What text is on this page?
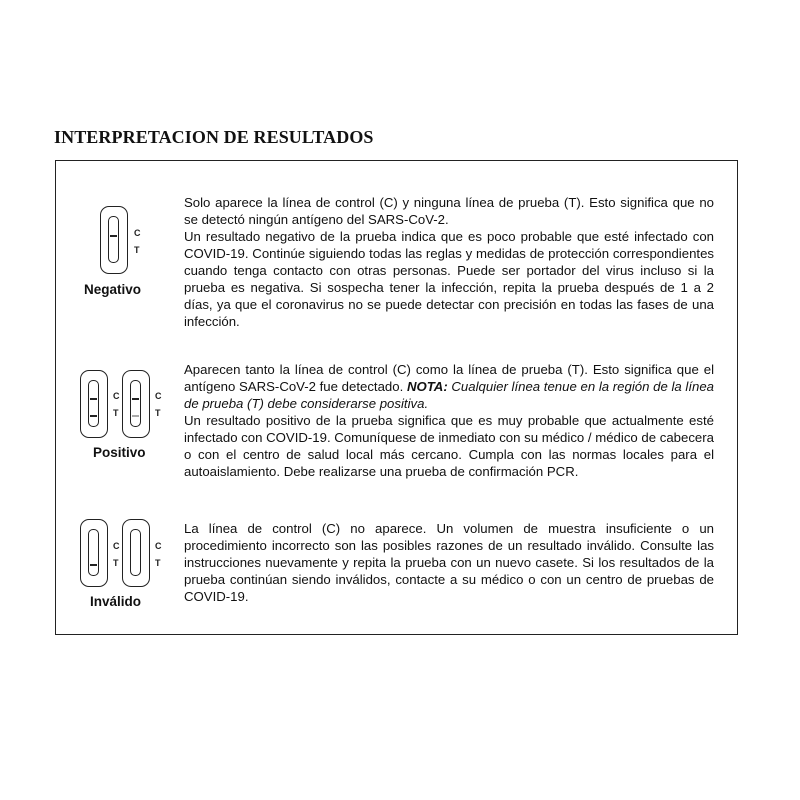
INTERPRETACION DE RESULTADOS
C
T
Negativo

Solo aparece la línea de control (C) y ninguna línea de prueba (T). Esto significa que no se detectó ningún antígeno del SARS-CoV-2.

Un resultado negativo de la prueba indica que es poco probable que esté infectado con COVID-19. Continúe siguiendo todas las reglas y medidas de protección correspondientes cuando tenga contacto con otras personas. Puede ser portador del virus incluso si la prueba es negativa. Si sospecha tener la infección, repita la prueba después de 1 a 2 días, ya que el coronavirus no se puede detectar con precisión en todas las fases de una infección.

C
T
C
T
Positivo

Aparecen tanto la línea de control (C) como la línea de prueba (T). Esto significa que el antígeno SARS-CoV-2 fue detectado. NOTA: Cualquier línea tenue en la región de la línea de prueba (T) debe considerarse positiva.

Un resultado positivo de la prueba significa que es muy probable que actualmente esté infectado con COVID-19. Comuníquese de inmediato con su médico / médico de cabecera o con el centro de salud local más cercano. Cumpla con las normas locales para el autoaislamiento. Debe realizarse una prueba de confirmación PCR.

C
T
C
T
Inválido

La línea de control (C) no aparece. Un volumen de muestra insuficiente o un procedimiento incorrecto son las posibles razones de un resultado inválido. Consulte las instrucciones nuevamente y repita la prueba con un nuevo casete. Si los resultados de la prueba continúan siendo inválidos, contacte a su médico o con un centro de pruebas de COVID-19.
